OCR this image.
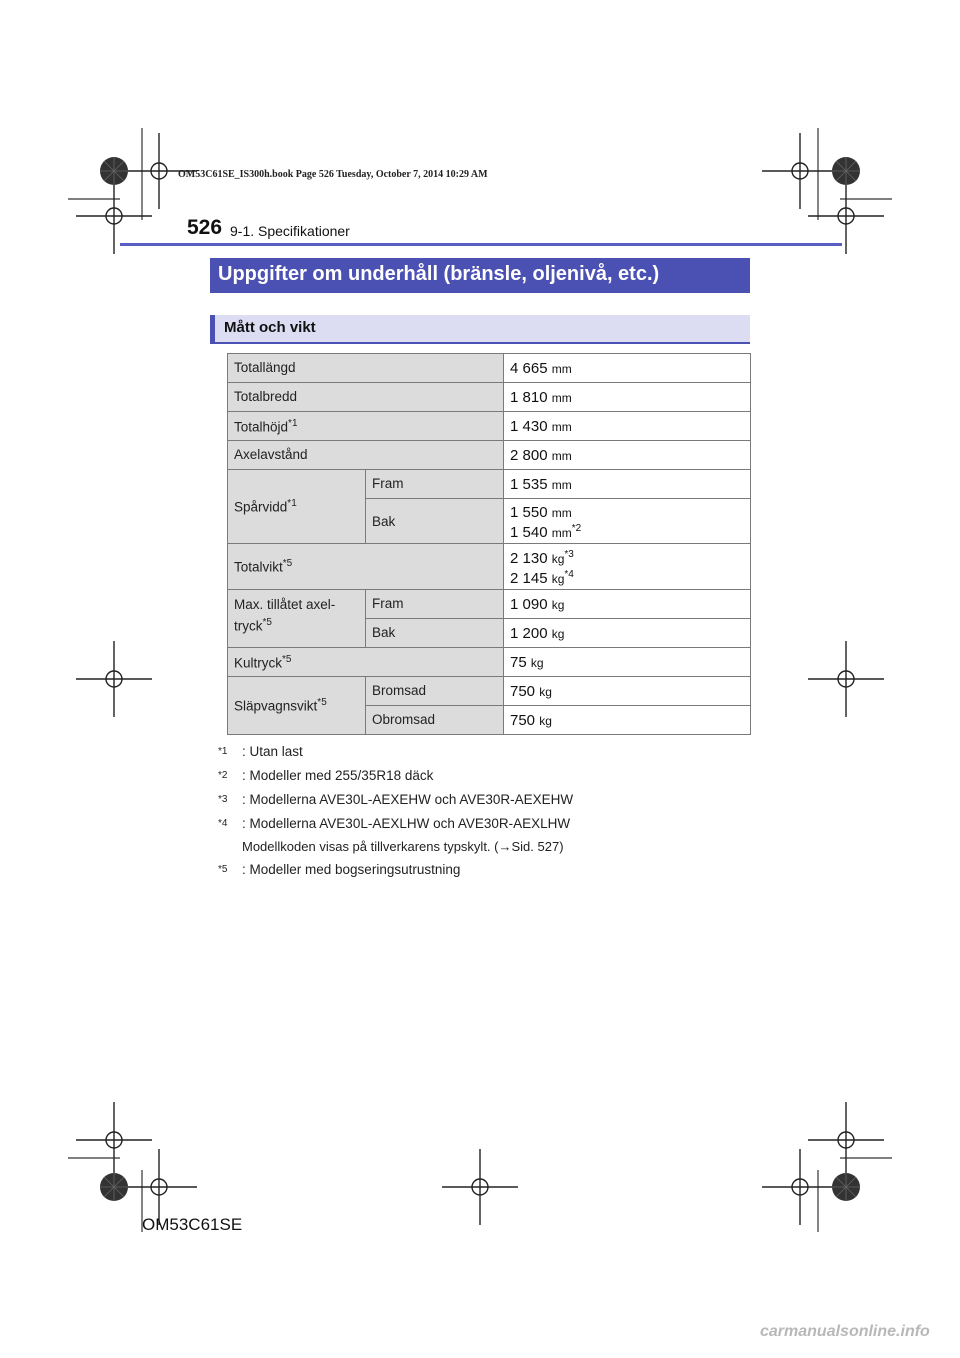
OM53C61SE_IS300h.book Page 526 Tuesday, October 7, 2014 10:29 AM
526 9-1. Specifikationer
Uppgifter om underhåll (bränsle, oljenivå, etc.)
Mått och vikt
Totallängd		4 665 mm
Totalbredd		1 810 mm
Totalhöjd$^{*1}$		1 430 mm
Axelavstånd		2 800 mm
Spårvidd$^{*1}$	Fram	1 535 mm
	Bak	1 550 mm
1 540 $mm^{*2}$

Totalvikt$^{*5}$		2 130 $kg^{*3}$
2 145 $kg^{*4}$

Max. tillåtet axel-
tryck$^{*5}$	Fram	1 090 kg
	Bak	1 200 kg
Kultryck$^{*5}$		75 kg
Släpvagnsvikt$^{*5}$	Bromsad	750 kg
	Obromsad	750 kg
*1 : Utan last
*2 : Modeller med 255/35R18 däck
*3 : Modellerna AVE30L-AEXEHW och AVE30R-AEXEHW
*4 : Modellerna AVE30L-AEXLHW och AVE30R-AEXLHW
Modellkoden visas på tillverkarens typskylt. (→Sid. 527)
*5 : Modeller med bogseringsutrustning
OM53C61SE
carmanualsonline.info
